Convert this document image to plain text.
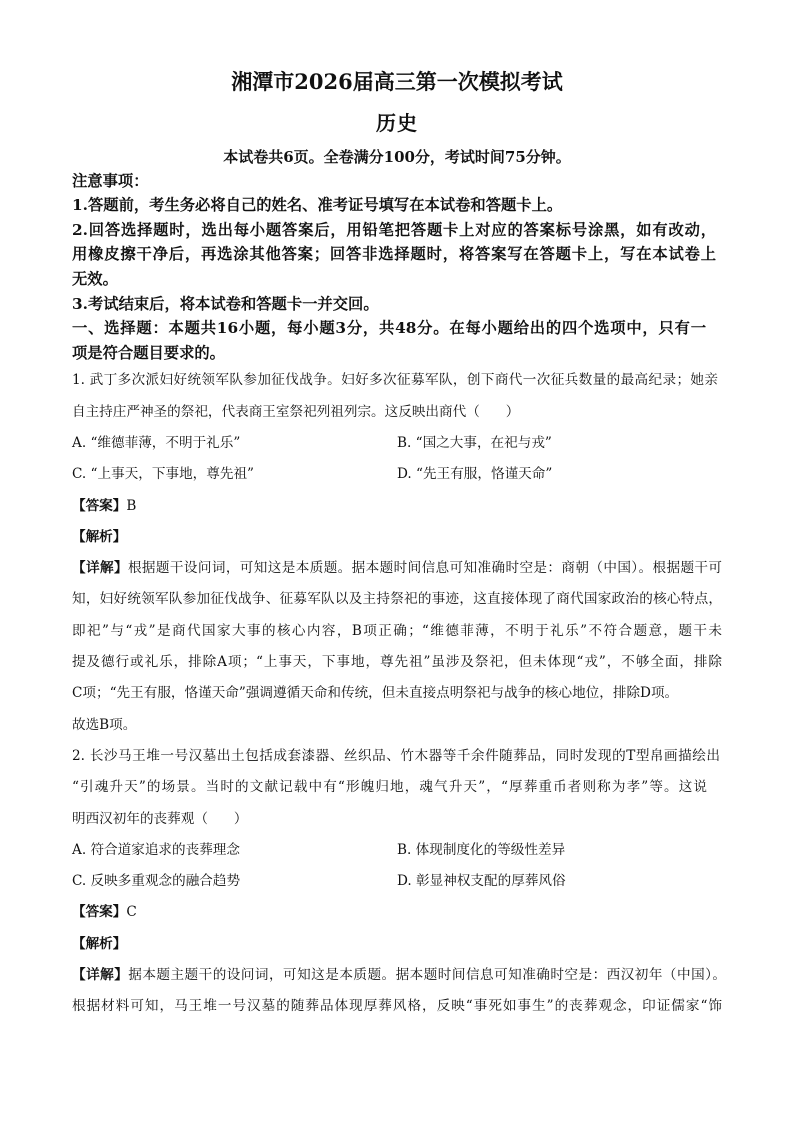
湘潭市2026届高三第一次模拟考试
历史
本试卷共6页。全卷满分100分，考试时间75分钟。
注意事项：
1.答题前，考生务必将自己的姓名、准考证号填写在本试卷和答题卡上。
2.回答选择题时，选出每小题答案后，用铅笔把答题卡上对应的答案标号涂黑，如有改动，
用橡皮擦干净后，再选涂其他答案；回答非选择题时，将答案写在答题卡上，写在本试卷上
无效。
3.考试结束后，将本试卷和答题卡一并交回。
一、选择题：本题共16小题，每小题3分，共48分。在每小题给出的四个选项中，只有一
项是符合题目要求的。
1. 武丁多次派妇好统领军队参加征伐战争。妇好多次征募军队，创下商代一次征兵数量的最高纪录；她亲
自主持庄严神圣的祭祀，代表商王室祭祀列祖列宗。这反映出商代（      ）
A. “维德菲薄，不明于礼乐”	B. “国之大事，在祀与戎”
C. “上事天，下事地，尊先祖”	D. “先王有服，恪谨天命”
【答案】B
【解析】
【详解】根据题干设问词，可知这是本质题。据本题时间信息可知准确时空是：商朝（中国）。根据题干可
知，妇好统领军队参加征伐战争、征募军队以及主持祭祀的事迹，这直接体现了商代国家政治的核心特点，
即祀”与“戎”是商代国家大事的核心内容，B项正确；“维德菲薄，不明于礼乐”不符合题意，题干未
提及德行或礼乐，排除A项；“上事天，下事地，尊先祖”虽涉及祭祀，但未体现“戎”，不够全面，排除
C项；“先王有服，恪谨天命”强调遵循天命和传统，但未直接点明祭祀与战争的核心地位，排除D项。
故选B项。
2. 长沙马王堆一号汉墓出土包括成套漆器、丝织品、竹木器等千余件随葬品，同时发现的T型帛画描绘出
“引魂升天”的场景。当时的文献记载中有“形魄归地，魂气升天”，“厚葬重币者则称为孝”等。这说
明西汉初年的丧葬观（      ）
A. 符合道家追求的丧葬理念	B. 体现制度化的等级性差异
C. 反映多重观念的融合趋势	D. 彰显神权支配的厚葬风俗
【答案】C
【解析】
【详解】据本题主题干的设问词，可知这是本质题。据本题时间信息可知准确时空是：西汉初年（中国）。
根据材料可知，马王堆一号汉墓的随葬品体现厚葬风格，反映“事死如事生”的丧葬观念，印证儒家“饰
